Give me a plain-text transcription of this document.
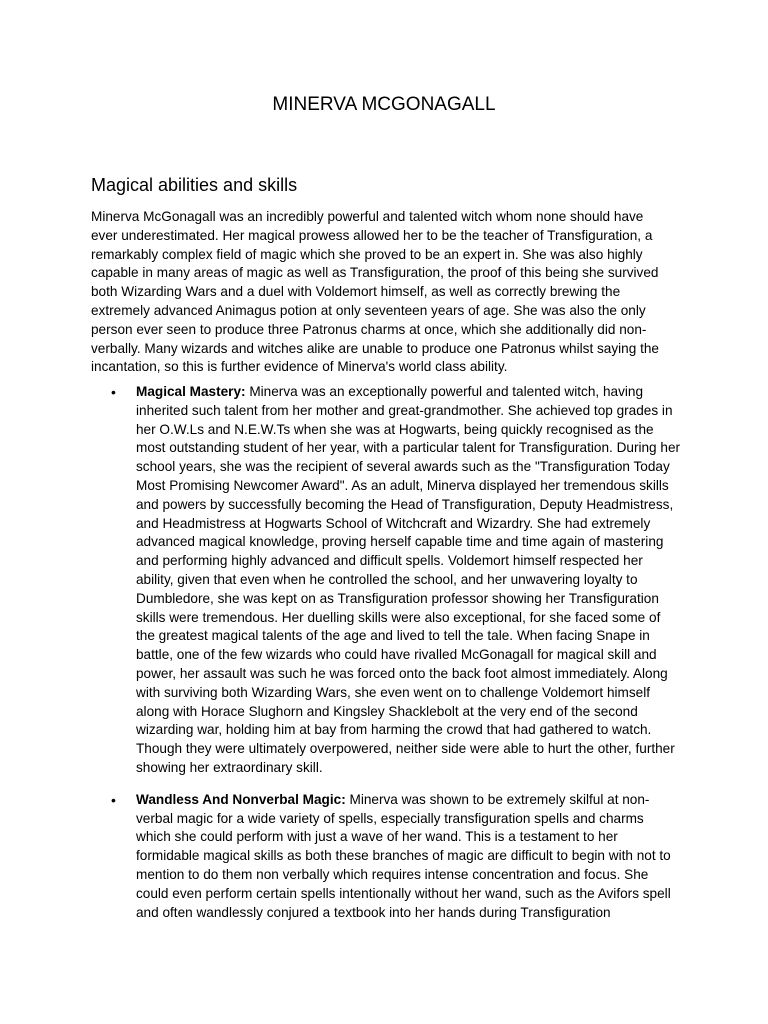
MINERVA MCGONAGALL
Magical abilities and skills

Minerva McGonagall was an incredibly powerful and talented witch whom none should have ever underestimated. Her magical prowess allowed her to be the teacher of Transfiguration, a remarkably complex field of magic which she proved to be an expert in. She was also highly capable in many areas of magic as well as Transfiguration, the proof of this being she survived both Wizarding Wars and a duel with Voldemort himself, as well as correctly brewing the extremely advanced Animagus potion at only seventeen years of age. She was also the only person ever seen to produce three Patronus charms at once, which she additionally did non-verbally. Many wizards and witches alike are unable to produce one Patronus whilst saying the incantation, so this is further evidence of Minerva's world class ability.

• Magical Mastery: Minerva was an exceptionally powerful and talented witch, having inherited such talent from her mother and great-grandmother. She achieved top grades in her O.W.Ls and N.E.W.Ts when she was at Hogwarts, being quickly recognised as the most outstanding student of her year, with a particular talent for Transfiguration. During her school years, she was the recipient of several awards such as the "Transfiguration Today Most Promising Newcomer Award". As an adult, Minerva displayed her tremendous skills and powers by successfully becoming the Head of Transfiguration, Deputy Headmistress, and Headmistress at Hogwarts School of Witchcraft and Wizardry. She had extremely advanced magical knowledge, proving herself capable time and time again of mastering and performing highly advanced and difficult spells. Voldemort himself respected her ability, given that even when he controlled the school, and her unwavering loyalty to Dumbledore, she was kept on as Transfiguration professor showing her Transfiguration skills were tremendous. Her duelling skills were also exceptional, for she faced some of the greatest magical talents of the age and lived to tell the tale. When facing Snape in battle, one of the few wizards who could have rivalled McGonagall for magical skill and power, her assault was such he was forced onto the back foot almost immediately. Along with surviving both Wizarding Wars, she even went on to challenge Voldemort himself along with Horace Slughorn and Kingsley Shacklebolt at the very end of the second wizarding war, holding him at bay from harming the crowd that had gathered to watch. Though they were ultimately overpowered, neither side were able to hurt the other, further showing her extraordinary skill.
• Wandless And Nonverbal Magic: Minerva was shown to be extremely skilful at non-verbal magic for a wide variety of spells, especially transfiguration spells and charms which she could perform with just a wave of her wand. This is a testament to her formidable magical skills as both these branches of magic are difficult to begin with not to mention to do them non verbally which requires intense concentration and focus. She could even perform certain spells intentionally without her wand, such as the Avifors spell and often wandlessly conjured a textbook into her hands during Transfiguration
